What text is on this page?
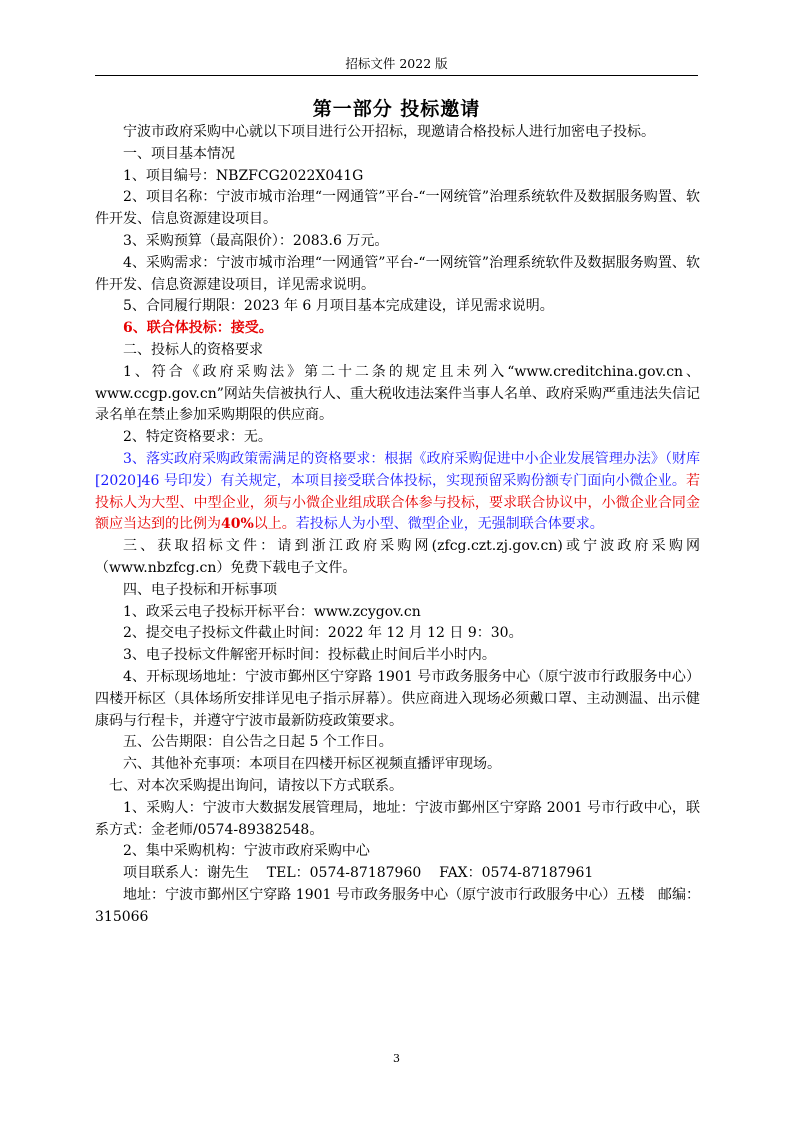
招标文件 2022 版
第一部分 投标邀请

宁波市政府采购中心就以下项目进行公开招标，现邀请合格投标人进行加密电子投标。

一、项目基本情况

1、项目编号：NBZFCG2022X041G

2、项目名称：宁波市城市治理“一网通管”平台-“一网统管”治理系统软件及数据服务购置、软件开发、信息资源建设项目。

3、采购预算（最高限价）：2083.6 万元。

4、采购需求：宁波市城市治理“一网通管”平台-“一网统管”治理系统软件及数据服务购置、软件开发、信息资源建设项目，详见需求说明。

5、合同履行期限：2023 年 6 月项目基本完成建设，详见需求说明。

6、联合体投标：接受。

二、投标人的资格要求

1、符合《政府采购法》第二十二条的规定且未列入“www.creditchina.gov.cn、www.ccgp.gov.cn”网站失信被执行人、重大税收违法案件当事人名单、政府采购严重违法失信记录名单在禁止参加采购期限的供应商。

2、特定资格要求：无。

3、落实政府采购政策需满足的资格要求：根据《政府采购促进中小企业发展管理办法》（财库[2020]46 号印发）有关规定，本项目接受联合体投标，实现预留采购份额专门面向小微企业。若投标人为大型、中型企业，须与小微企业组成联合体参与投标，要求联合协议中，小微企业合同金额应当达到的比例为40%以上。若投标人为小型、微型企业，无强制联合体要求。

三、获取招标文件：请到浙江政府采购网(zfcg.czt.zj.gov.cn)或宁波政府采购网（www.nbzfcg.cn）免费下载电子文件。

四、电子投标和开标事项

1、政采云电子投标开标平台：www.zcygov.cn

2、提交电子投标文件截止时间：2022 年 12 月 12 日 9：30。

3、电子投标文件解密开标时间：投标截止时间后半小时内。

4、开标现场地址：宁波市鄞州区宁穿路 1901 号市政务服务中心（原宁波市行政服务中心）四楼开标区（具体场所安排详见电子指示屏幕）。供应商进入现场必须戴口罩、主动测温、出示健康码与行程卡，并遵守宁波市最新防疫政策要求。

五、公告期限：自公告之日起 5 个工作日。

六、其他补充事项：本项目在四楼开标区视频直播评审现场。

七、对本次采购提出询问，请按以下方式联系。

1、采购人：宁波市大数据发展管理局，地址：宁波市鄞州区宁穿路 2001 号市行政中心，联系方式：金老师/0574-89382548。

2、集中采购机构：宁波市政府采购中心

项目联系人：谢先生    TEL：0574-87187960    FAX：0574-87187961

地址：宁波市鄞州区宁穿路 1901 号市政务服务中心（原宁波市行政服务中心）五楼   邮编：315066

3
